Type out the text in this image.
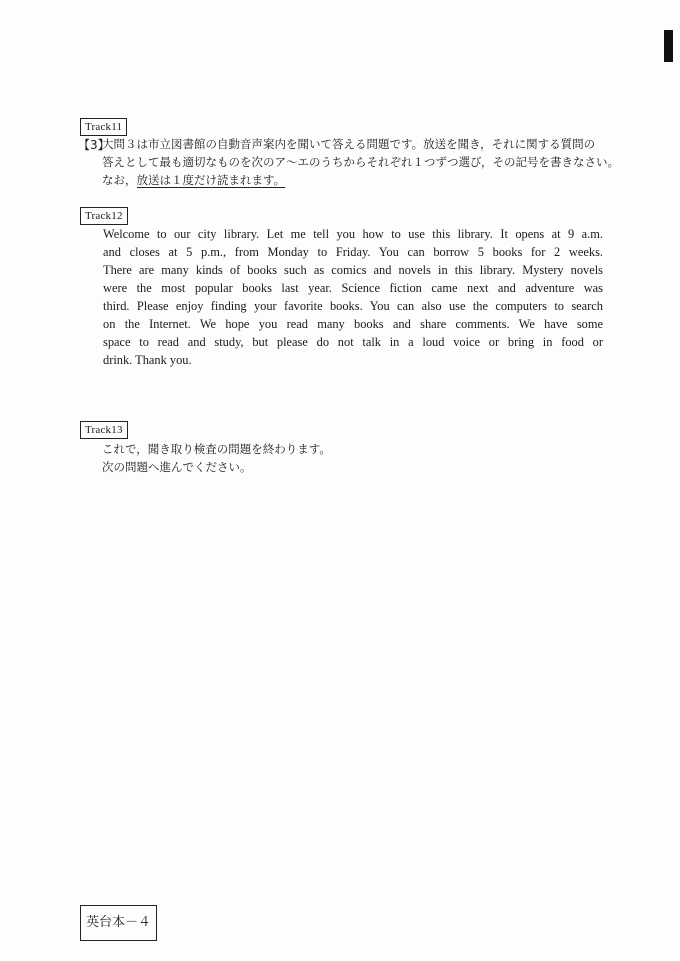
Track11
【3】
大問３は市立図書館の自動音声案内を聞いて答える問題です。放送を聞き，それに関する質問の
答えとして最も適切なものを次のア～エのうちからそれぞれ１つずつ選び，その記号を書きなさい。
なお，放送は１度だけ読まれます。
Track12
Welcome to our city library. Let me tell you how to use this library. It opens at 9 a.m.
and closes at 5 p.m., from Monday to Friday. You can borrow 5 books for 2 weeks.
There are many kinds of books such as comics and novels in this library. Mystery novels
were the most popular books last year. Science fiction came next and adventure was
third. Please enjoy finding your favorite books. You can also use the computers to search
on the Internet. We hope you read many books and share comments. We have some
space to read and study, but please do not talk in a loud voice or bring in food or
drink. Thank you.
Track13
これで，聞き取り検査の問題を終わります。
次の問題へ進んでください。
英台本－４
